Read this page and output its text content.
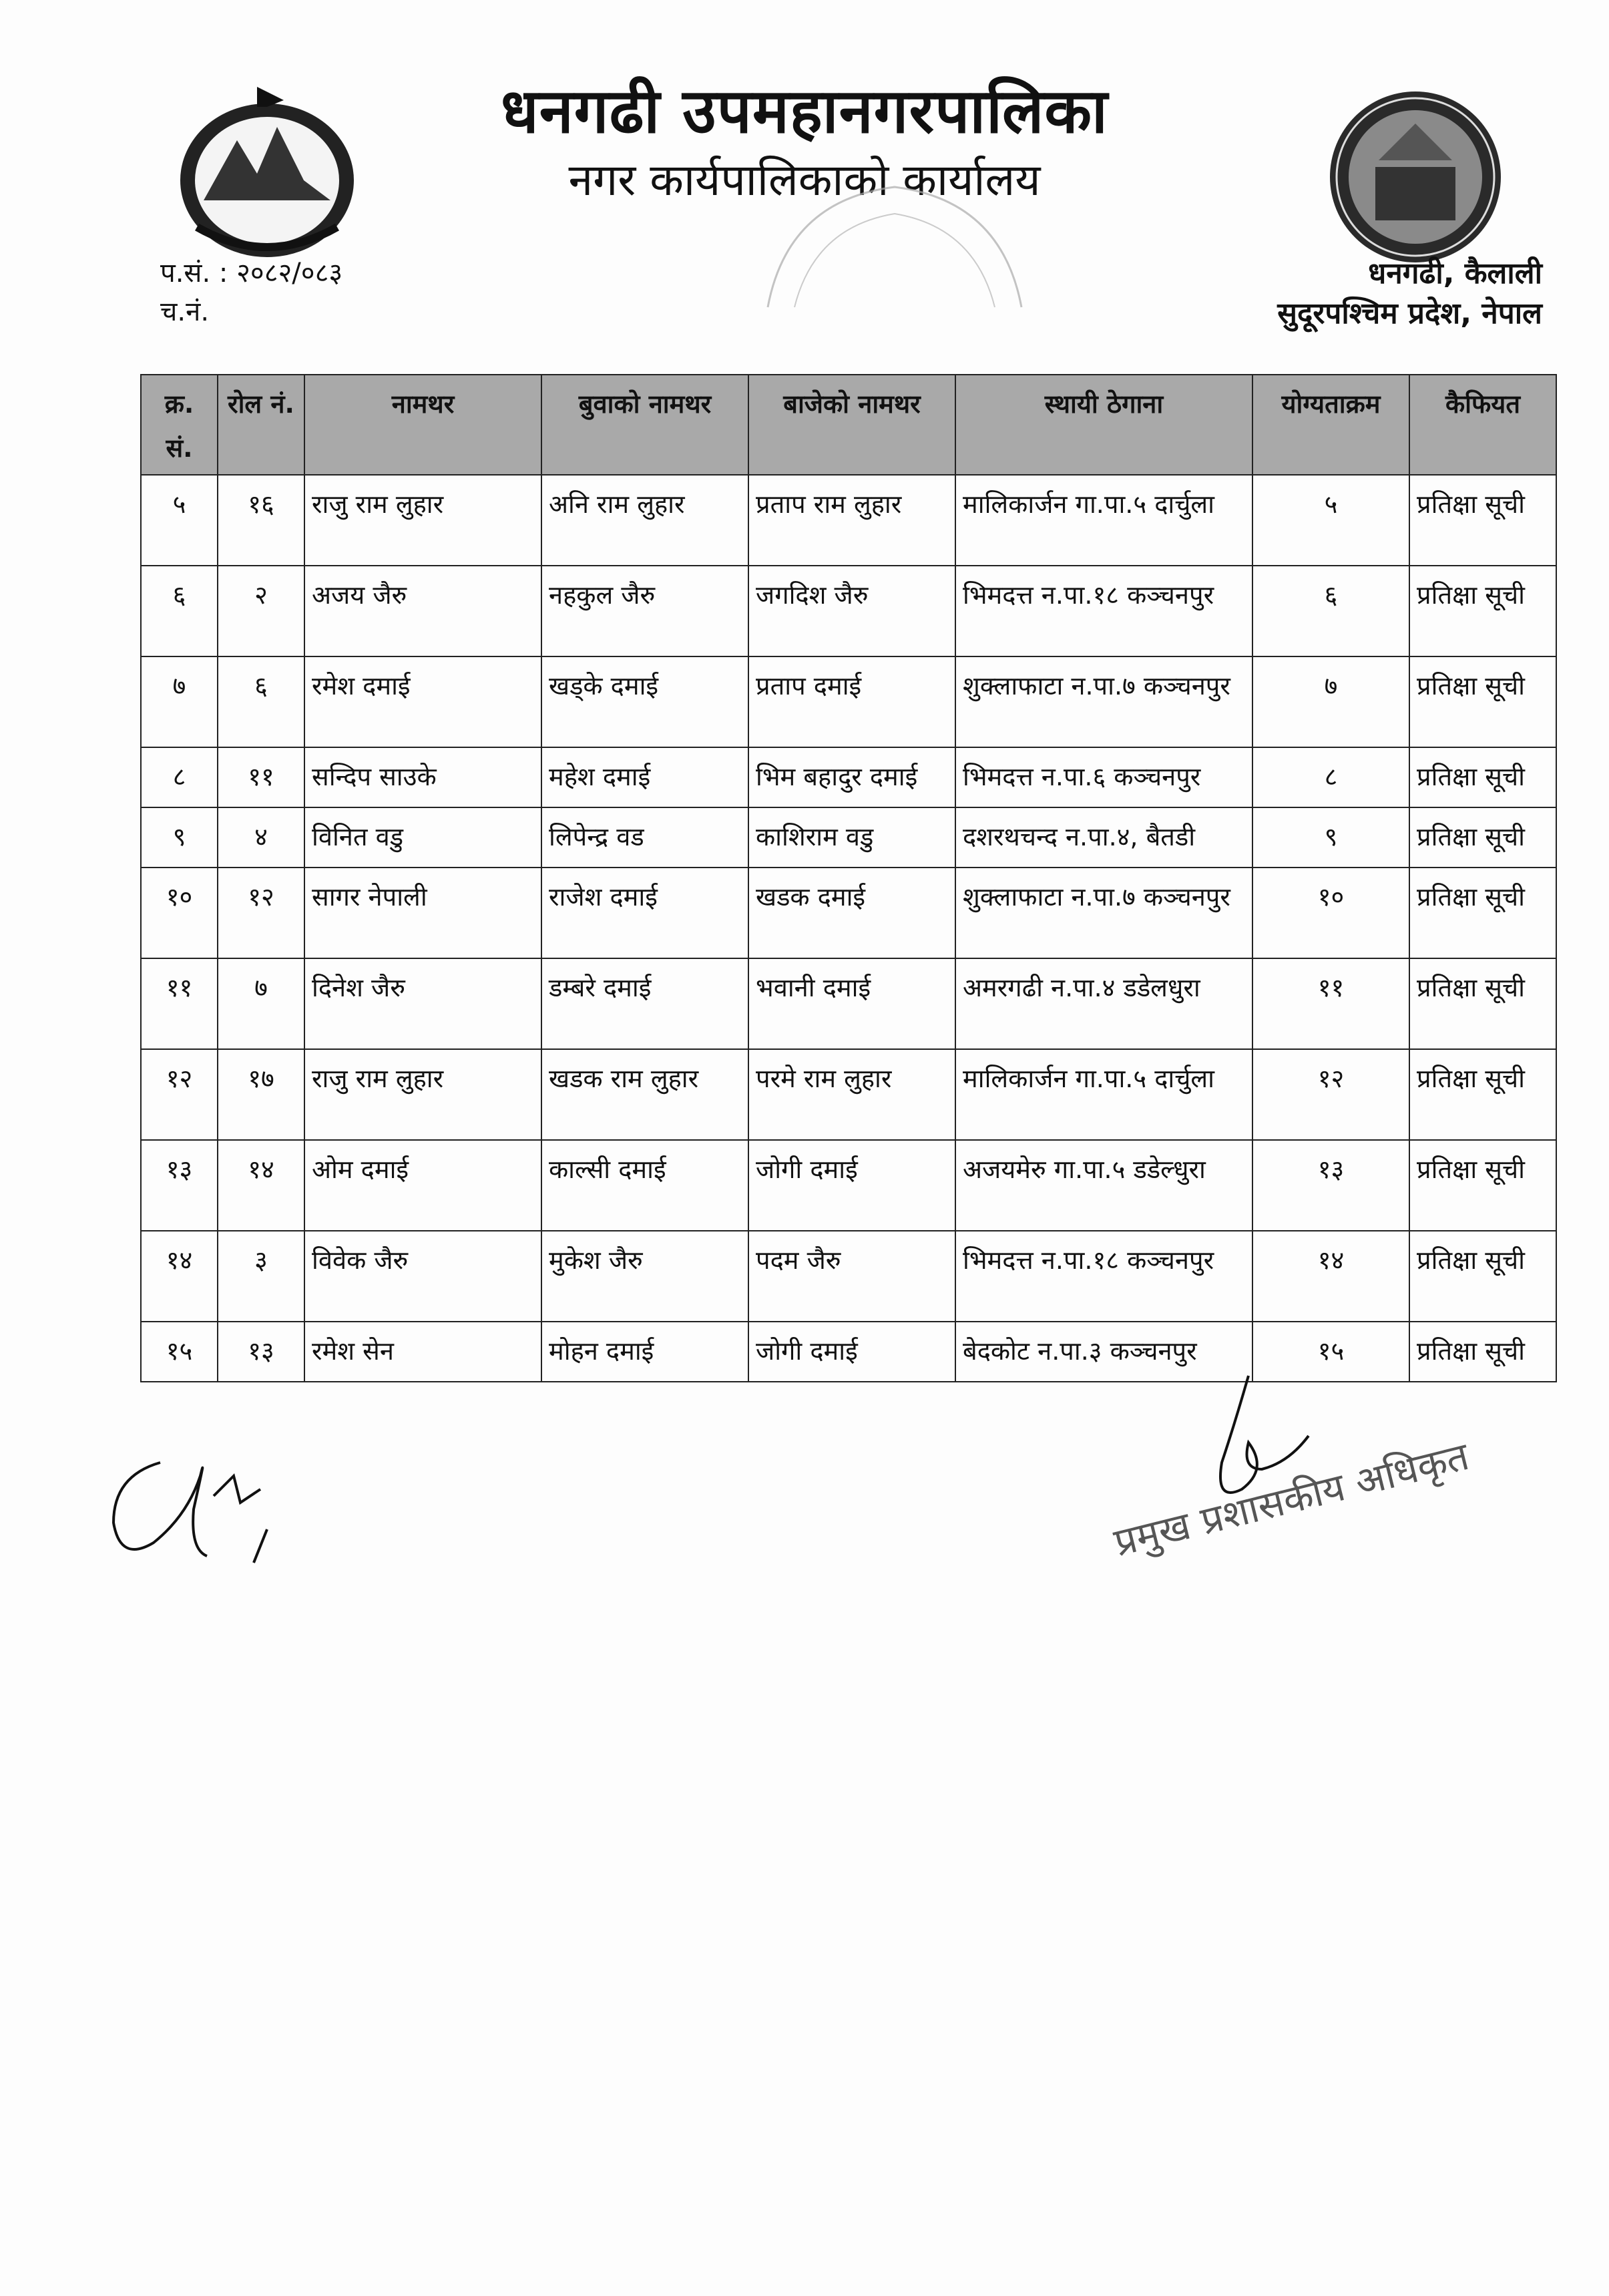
धनगढी उपमहानगरपालिका
नगर कार्यपालिकाको कार्यालय
प.सं. : २०८२/०८३
च.नं.
धनगढी, कैलाली
सुदूरपश्चिम प्रदेश, नेपाल
क्र. सं.	रोल नं.	नामथर	बुवाको नामथर	बाजेको नामथर	स्थायी ठेगाना	योग्यताक्रम	कैफियत
५	१६	राजु राम लुहार	अनि राम लुहार	प्रताप राम लुहार	मालिकार्जन गा.पा.५ दार्चुला	५	प्रतिक्षा सूची
६	२	अजय जैरु	नहकुल जैरु	जगदिश जैरु	भिमदत्त न.पा.१८ कञ्चनपुर	६	प्रतिक्षा सूची
७	६	रमेश दमाई	खड्के दमाई	प्रताप दमाई	शुक्लाफाटा न.पा.७ कञ्चनपुर	७	प्रतिक्षा सूची
८	११	सन्दिप साउके	महेश दमाई	भिम बहादुर दमाई	भिमदत्त न.पा.६ कञ्चनपुर	८	प्रतिक्षा सूची
९	४	विनित वडु	लिपेन्द्र वड	काशिराम वडु	दशरथचन्द न.पा.४, बैतडी	९	प्रतिक्षा सूची
१०	१२	सागर नेपाली	राजेश दमाई	खडक दमाई	शुक्लाफाटा न.पा.७ कञ्चनपुर	१०	प्रतिक्षा सूची
११	७	दिनेश जैरु	डम्बरे दमाई	भवानी दमाई	अमरगढी न.पा.४ डडेलधुरा	११	प्रतिक्षा सूची
१२	१७	राजु राम लुहार	खडक राम लुहार	परमे राम लुहार	मालिकार्जन गा.पा.५ दार्चुला	१२	प्रतिक्षा सूची
१३	१४	ओम दमाई	काल्सी दमाई	जोगी दमाई	अजयमेरु गा.पा.५ डडेल्धुरा	१३	प्रतिक्षा सूची
१४	३	विवेक जैरु	मुकेश जैरु	पदम जैरु	भिमदत्त न.पा.१८ कञ्चनपुर	१४	प्रतिक्षा सूची
१५	१३	रमेश सेन	मोहन दमाई	जोगी दमाई	बेदकोट न.पा.३ कञ्चनपुर	१५	प्रतिक्षा सूची
प्रमुख प्रशासकीय अधिकृत
